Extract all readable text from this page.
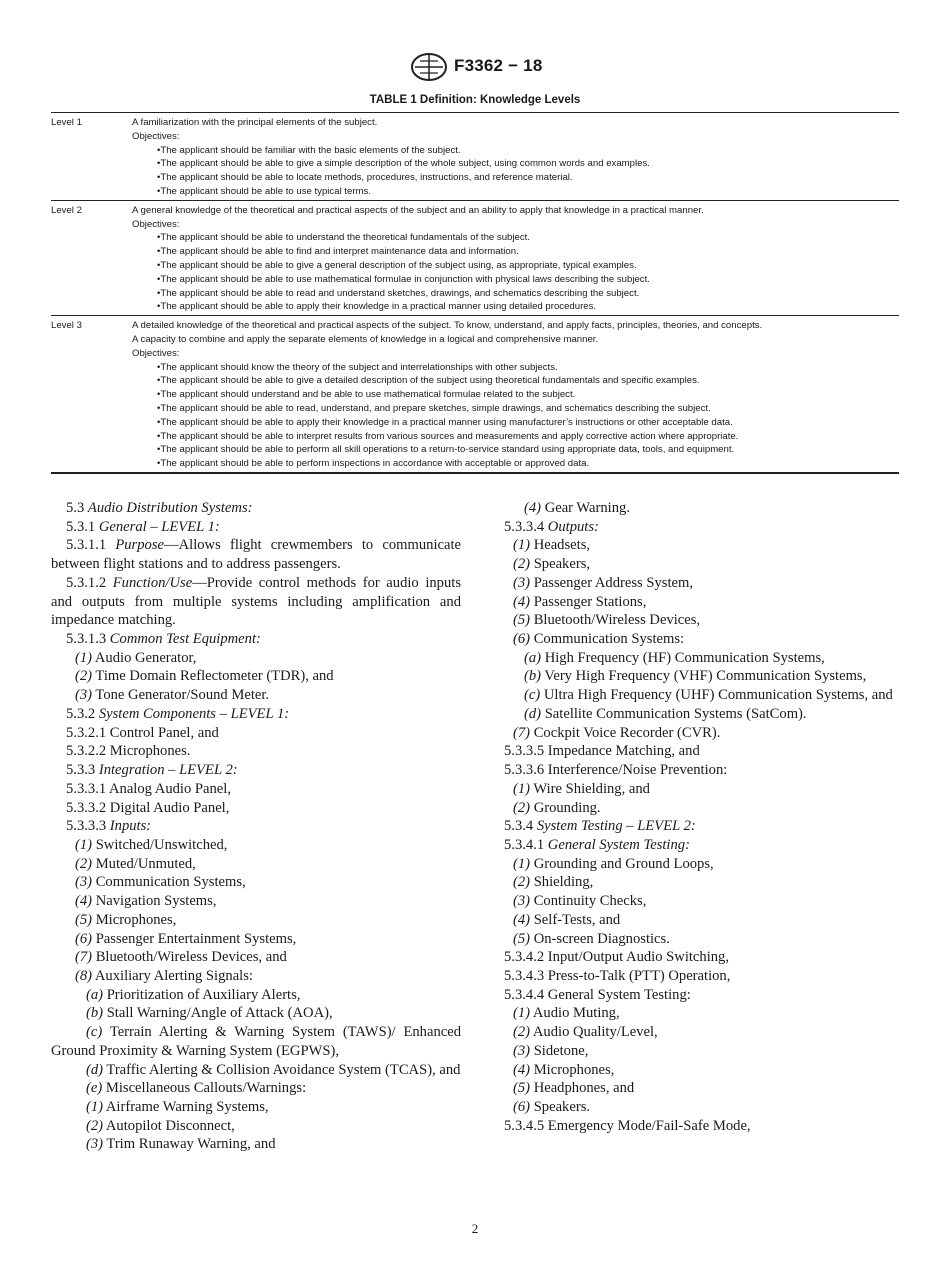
F3362 − 18
TABLE 1 Definition: Knowledge Levels
Level 1	A familiarization with the principal elements of the subject.
Objectives:
• The applicant should be familiar with the basic elements of the subject.
• The applicant should be able to give a simple description of the whole subject, using common words and examples.
• The applicant should be able to locate methods, procedures, instructions, and reference material.
• The applicant should be able to use typical terms.
Level 2	A general knowledge of the theoretical and practical aspects of the subject and an ability to apply that knowledge in a practical manner.
Objectives:
• The applicant should be able to understand the theoretical fundamentals of the subject.
• The applicant should be able to find and interpret maintenance data and information.
• The applicant should be able to give a general description of the subject using, as appropriate, typical examples.
• The applicant should be able to use mathematical formulae in conjunction with physical laws describing the subject.
• The applicant should be able to read and understand sketches, drawings, and schematics describing the subject.
• The applicant should be able to apply their knowledge in a practical manner using detailed procedures.
Level 3	A detailed knowledge of the theoretical and practical aspects of the subject. To know, understand, and apply facts, principles, theories, and concepts.
A capacity to combine and apply the separate elements of knowledge in a logical and comprehensive manner.
Objectives:
• The applicant should know the theory of the subject and interrelationships with other subjects.
• The applicant should be able to give a detailed description of the subject using theoretical fundamentals and specific examples.
• The applicant should understand and be able to use mathematical formulae related to the subject.
• The applicant should be able to read, understand, and prepare sketches, simple drawings, and schematics describing the subject.
• The applicant should be able to apply their knowledge in a practical manner using manufacturer’s instructions or other acceptable data.
• The applicant should be able to interpret results from various sources and measurements and apply corrective action where appropriate.
• The applicant should be able to perform all skill operations to a return-to-service standard using appropriate data, tools, and equipment.
• The applicant should be able to perform inspections in accordance with acceptable or approved data.

5.3 Audio Distribution Systems:

5.3.1 General – LEVEL 1:

5.3.1.1 Purpose—Allows flight crewmembers to communicate between flight stations and to address passengers.

5.3.1.2 Function/Use—Provide control methods for audio inputs and outputs from multiple systems including amplification and impedance matching.

5.3.1.3 Common Test Equipment:

(1) Audio Generator,

(2) Time Domain Reflectometer (TDR), and

(3) Tone Generator/Sound Meter.

5.3.2 System Components – LEVEL 1:

5.3.2.1 Control Panel, and

5.3.2.2 Microphones.

5.3.3 Integration – LEVEL 2:

5.3.3.1 Analog Audio Panel,

5.3.3.2 Digital Audio Panel,

5.3.3.3 Inputs:

(1) Switched/Unswitched,

(2) Muted/Unmuted,

(3) Communication Systems,

(4) Navigation Systems,

(5) Microphones,

(6) Passenger Entertainment Systems,

(7) Bluetooth/Wireless Devices, and

(8) Auxiliary Alerting Signals:

(a) Prioritization of Auxiliary Alerts,

(b) Stall Warning/Angle of Attack (AOA),

(c) Terrain Alerting & Warning System (TAWS)/ Enhanced Ground Proximity & Warning System (EGPWS),

(d) Traffic Alerting & Collision Avoidance System (TCAS), and

(e) Miscellaneous Callouts/Warnings:

(1) Airframe Warning Systems,

(2) Autopilot Disconnect,

(3) Trim Runaway Warning, and

(4) Gear Warning.

5.3.3.4 Outputs:

(1) Headsets,

(2) Speakers,

(3) Passenger Address System,

(4) Passenger Stations,

(5) Bluetooth/Wireless Devices,

(6) Communication Systems:

(a) High Frequency (HF) Communication Systems,

(b) Very High Frequency (VHF) Communication Systems,

(c) Ultra High Frequency (UHF) Communication Systems, and

(d) Satellite Communication Systems (SatCom).

(7) Cockpit Voice Recorder (CVR).

5.3.3.5 Impedance Matching, and

5.3.3.6 Interference/Noise Prevention:

(1) Wire Shielding, and

(2) Grounding.

5.3.4 System Testing – LEVEL 2:

5.3.4.1 General System Testing:

(1) Grounding and Ground Loops,

(2) Shielding,

(3) Continuity Checks,

(4) Self-Tests, and

(5) On-screen Diagnostics.

5.3.4.2 Input/Output Audio Switching,

5.3.4.3 Press-to-Talk (PTT) Operation,

5.3.4.4 General System Testing:

(1) Audio Muting,

(2) Audio Quality/Level,

(3) Sidetone,

(4) Microphones,

(5) Headphones, and

(6) Speakers.

5.3.4.5 Emergency Mode/Fail-Safe Mode,

2
